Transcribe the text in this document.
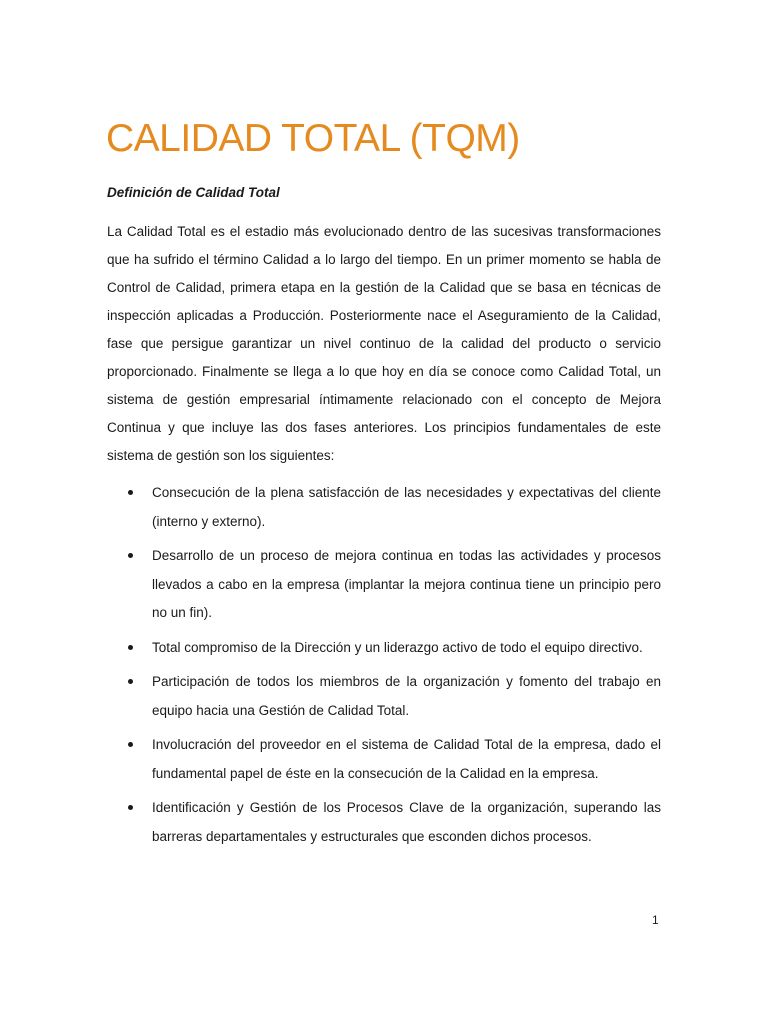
CALIDAD TOTAL (TQM)

Definición de Calidad Total

La Calidad Total es el estadio más evolucionado dentro de las sucesivas transformaciones que ha sufrido el término Calidad a lo largo del tiempo. En un primer momento se habla de Control de Calidad, primera etapa en la gestión de la Calidad que se basa en técnicas de inspección aplicadas a Producción. Posteriormente nace el Aseguramiento de la Calidad, fase que persigue garantizar un nivel continuo de la calidad del producto o servicio proporcionado. Finalmente se llega a lo que hoy en día se conoce como Calidad Total, un sistema de gestión empresarial íntimamente relacionado con el concepto de Mejora Continua y que incluye las dos fases anteriores. Los principios fundamentales de este sistema de gestión son los siguientes:

Consecución de la plena satisfacción de las necesidades y expectativas del cliente (interno y externo).
Desarrollo de un proceso de mejora continua en todas las actividades y procesos llevados a cabo en la empresa (implantar la mejora continua tiene un principio pero no un fin).
Total compromiso de la Dirección y un liderazgo activo de todo el equipo directivo.
Participación de todos los miembros de la organización y fomento del trabajo en equipo hacia una Gestión de Calidad Total.
Involucración del proveedor en el sistema de Calidad Total de la empresa, dado el fundamental papel de éste en la consecución de la Calidad en la empresa.
Identificación y Gestión de los Procesos Clave de la organización, superando las barreras departamentales y estructurales que esconden dichos procesos.
1
